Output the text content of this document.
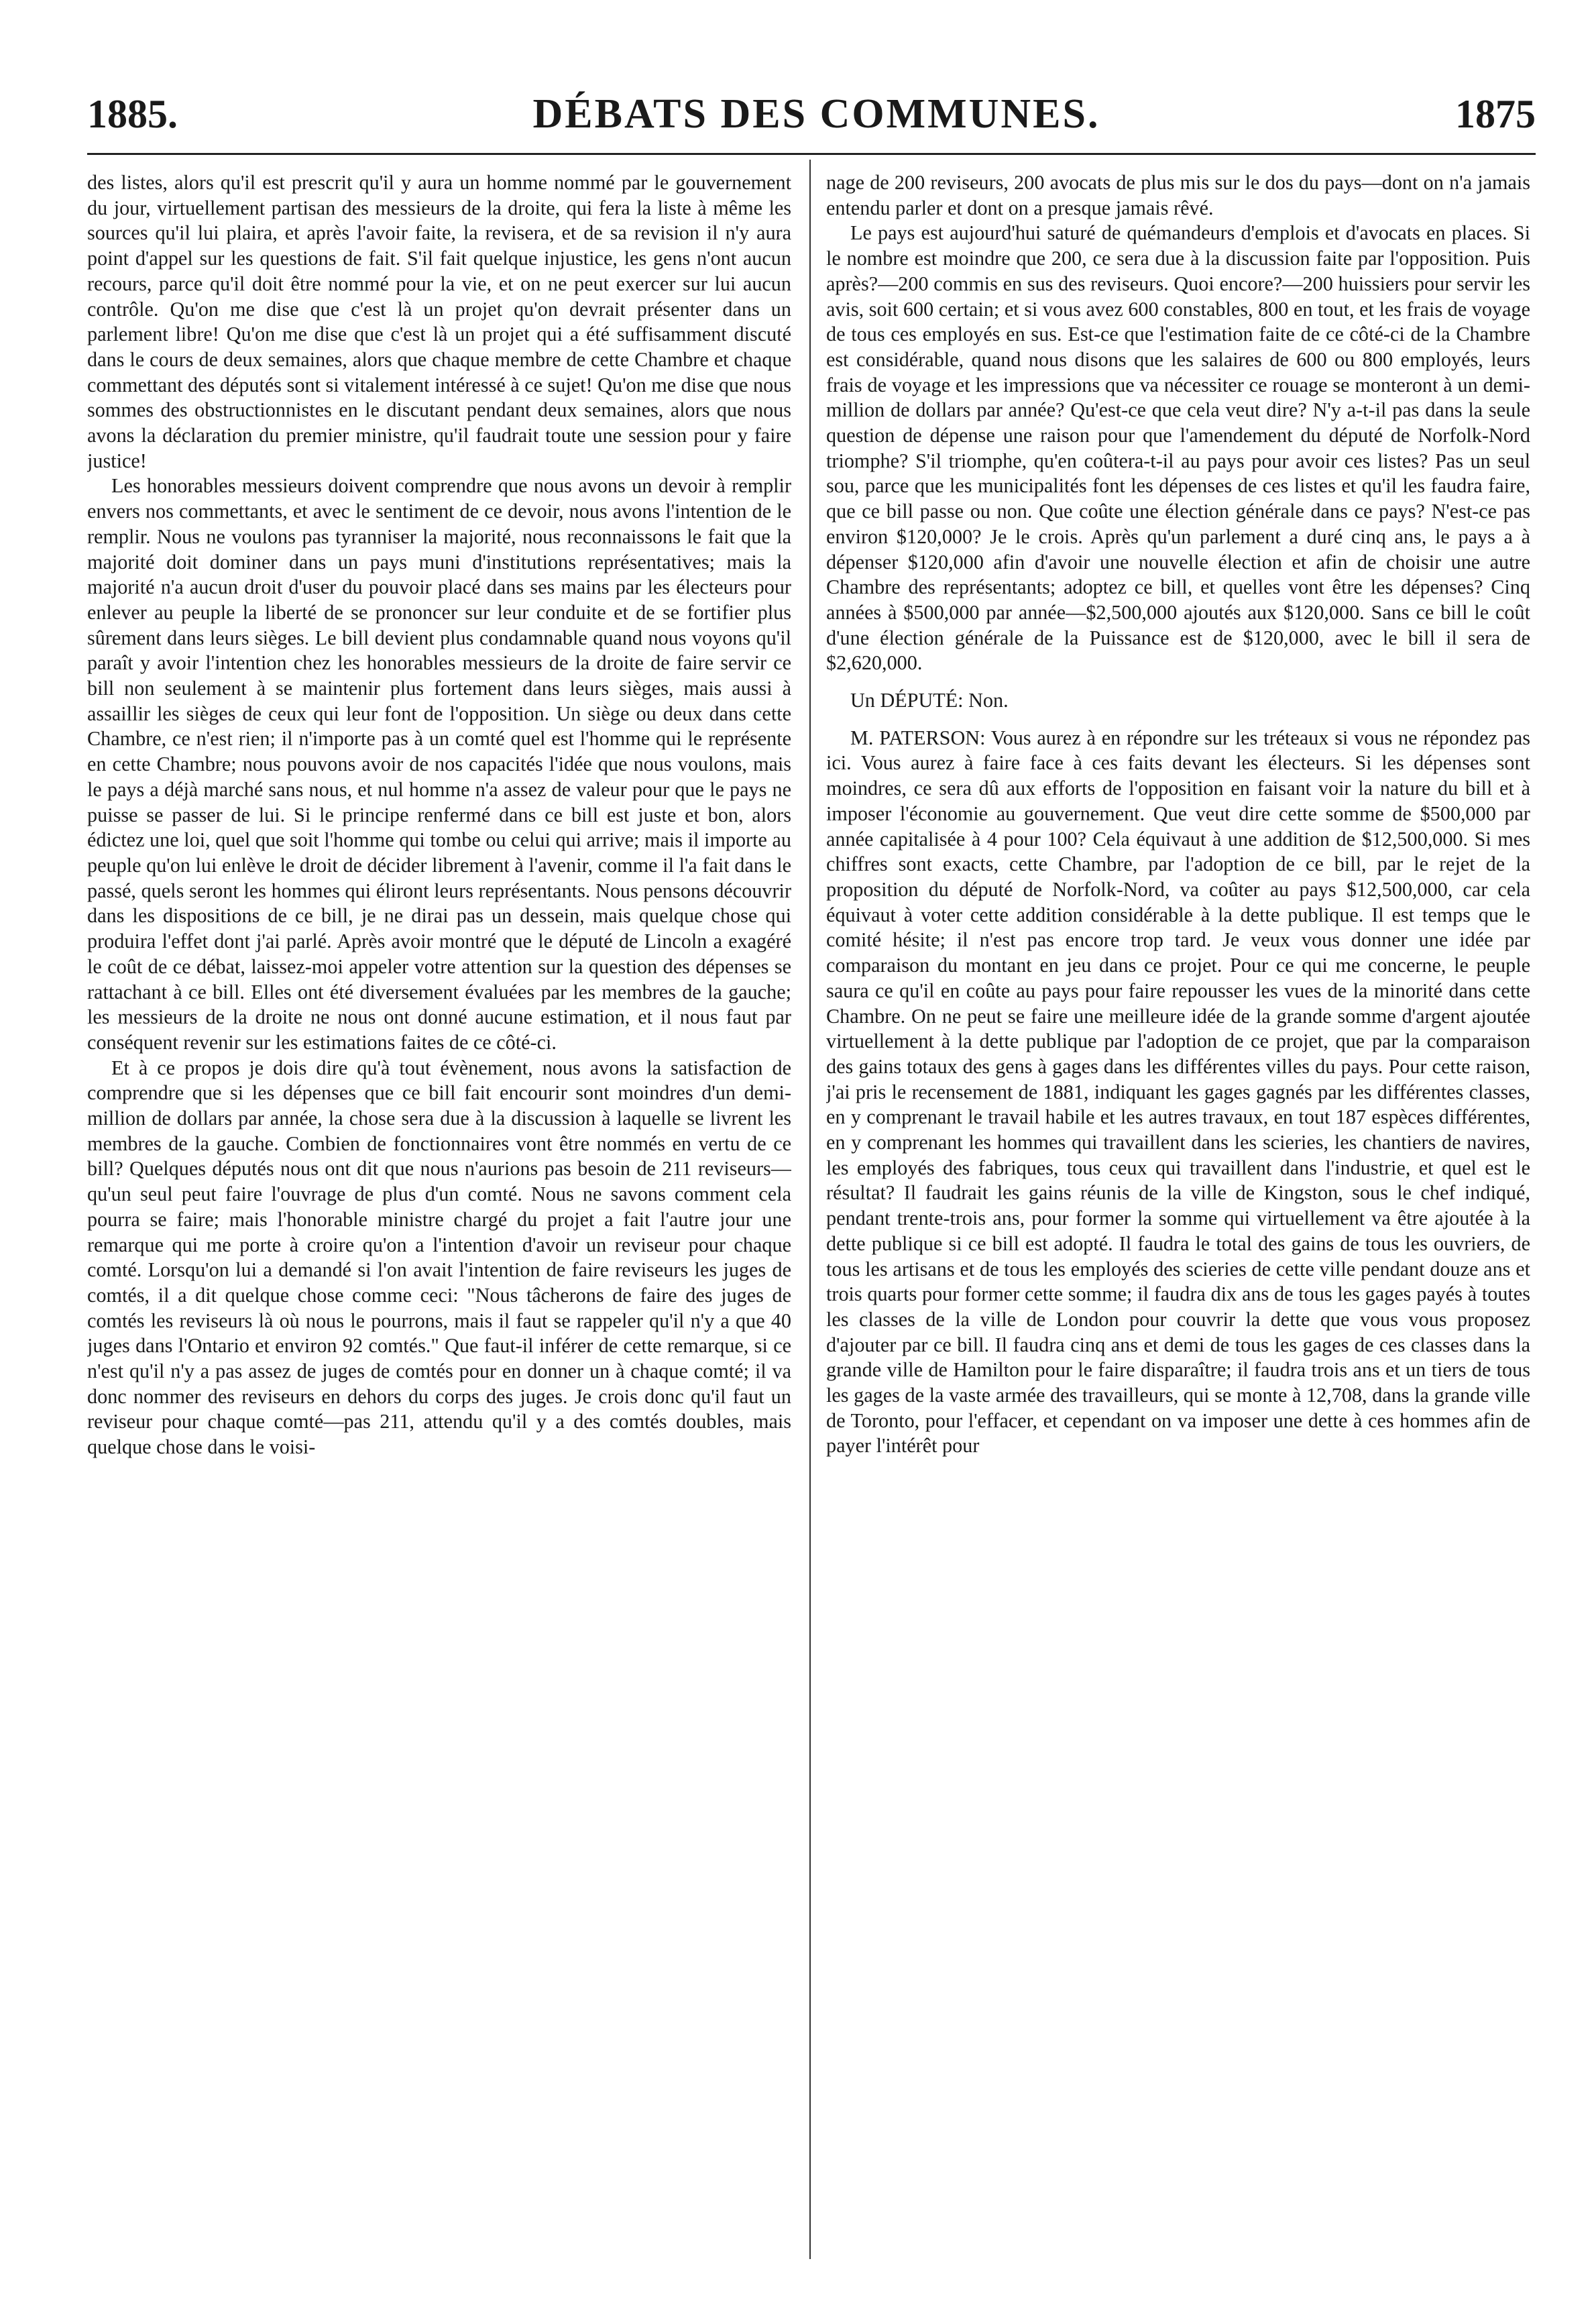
1885.	DÉBATS DES COMMUNES.	1875

des listes, alors qu'il est prescrit qu'il y aura un homme nommé par le gouvernement du jour, virtuellement partisan des messieurs de la droite, qui fera la liste à même les sources qu'il lui plaira, et après l'avoir faite, la revisera, et de sa revision il n'y aura point d'appel sur les questions de fait. S'il fait quelque injustice, les gens n'ont aucun recours, parce qu'il doit être nommé pour la vie, et on ne peut exercer sur lui aucun contrôle. Qu'on me dise que c'est là un projet qu'on devrait présenter dans un parlement libre! Qu'on me dise que c'est là un projet qui a été suffisamment discuté dans le cours de deux semaines, alors que chaque membre de cette Chambre et chaque commettant des députés sont si vitalement intéressé à ce sujet! Qu'on me dise que nous sommes des obstructionnistes en le discutant pendant deux semaines, alors que nous avons la déclaration du premier ministre, qu'il faudrait toute une session pour y faire justice!

Les honorables messieurs doivent comprendre que nous avons un devoir à remplir envers nos commettants, et avec le sentiment de ce devoir, nous avons l'intention de le remplir. Nous ne voulons pas tyranniser la majorité, nous reconnaissons le fait que la majorité doit dominer dans un pays muni d'institutions représentatives; mais la majorité n'a aucun droit d'user du pouvoir placé dans ses mains par les électeurs pour enlever au peuple la liberté de se prononcer sur leur conduite et de se fortifier plus sûrement dans leurs sièges. Le bill devient plus condamnable quand nous voyons qu'il paraît y avoir l'intention chez les honorables messieurs de la droite de faire servir ce bill non seulement à se maintenir plus fortement dans leurs sièges, mais aussi à assaillir les sièges de ceux qui leur font de l'opposition. Un siège ou deux dans cette Chambre, ce n'est rien; il n'importe pas à un comté quel est l'homme qui le représente en cette Chambre; nous pouvons avoir de nos capacités l'idée que nous voulons, mais le pays a déjà marché sans nous, et nul homme n'a assez de valeur pour que le pays ne puisse se passer de lui. Si le principe renfermé dans ce bill est juste et bon, alors édictez une loi, quel que soit l'homme qui tombe ou celui qui arrive; mais il importe au peuple qu'on lui enlève le droit de décider librement à l'avenir, comme il l'a fait dans le passé, quels seront les hommes qui éliront leurs représentants. Nous pensons découvrir dans les dispositions de ce bill, je ne dirai pas un dessein, mais quelque chose qui produira l'effet dont j'ai parlé. Après avoir montré que le député de Lincoln a exagéré le coût de ce débat, laissez-moi appeler votre attention sur la question des dépenses se rattachant à ce bill. Elles ont été diversement évaluées par les membres de la gauche; les messieurs de la droite ne nous ont donné aucune estimation, et il nous faut par conséquent revenir sur les estimations faites de ce côté-ci.

Et à ce propos je dois dire qu'à tout évènement, nous avons la satisfaction de comprendre que si les dépenses que ce bill fait encourir sont moindres d'un demi-million de dollars par année, la chose sera due à la discussion à laquelle se livrent les membres de la gauche. Combien de fonctionnaires vont être nommés en vertu de ce bill? Quelques députés nous ont dit que nous n'aurions pas besoin de 211 reviseurs—qu'un seul peut faire l'ouvrage de plus d'un comté. Nous ne savons comment cela pourra se faire; mais l'honorable ministre chargé du projet a fait l'autre jour une remarque qui me porte à croire qu'on a l'intention d'avoir un reviseur pour chaque comté. Lorsqu'on lui a demandé si l'on avait l'intention de faire reviseurs les juges de comtés, il a dit quelque chose comme ceci: "Nous tâcherons de faire des juges de comtés les reviseurs là où nous le pourrons, mais il faut se rappeler qu'il n'y a que 40 juges dans l'Ontario et environ 92 comtés." Que faut-il inférer de cette remarque, si ce n'est qu'il n'y a pas assez de juges de comtés pour en donner un à chaque comté; il va donc nommer des reviseurs en dehors du corps des juges. Je crois donc qu'il faut un reviseur pour chaque comté—pas 211, attendu qu'il y a des comtés doubles, mais quelque chose dans le voisi-

nage de 200 reviseurs, 200 avocats de plus mis sur le dos du pays—dont on n'a jamais entendu parler et dont on a presque jamais rêvé.

Le pays est aujourd'hui saturé de quémandeurs d'emplois et d'avocats en places. Si le nombre est moindre que 200, ce sera due à la discussion faite par l'opposition. Puis après?—200 commis en sus des reviseurs. Quoi encore?—200 huissiers pour servir les avis, soit 600 certain; et si vous avez 600 constables, 800 en tout, et les frais de voyage de tous ces employés en sus. Est-ce que l'estimation faite de ce côté-ci de la Chambre est considérable, quand nous disons que les salaires de 600 ou 800 employés, leurs frais de voyage et les impressions que va nécessiter ce rouage se monteront à un demi-million de dollars par année? Qu'est-ce que cela veut dire? N'y a-t-il pas dans la seule question de dépense une raison pour que l'amendement du député de Norfolk-Nord triomphe? S'il triomphe, qu'en coûtera-t-il au pays pour avoir ces listes? Pas un seul sou, parce que les municipalités font les dépenses de ces listes et qu'il les faudra faire, que ce bill passe ou non. Que coûte une élection générale dans ce pays? N'est-ce pas environ $120,000? Je le crois. Après qu'un parlement a duré cinq ans, le pays a à dépenser $120,000 afin d'avoir une nouvelle élection et afin de choisir une autre Chambre des représentants; adoptez ce bill, et quelles vont être les dépenses? Cinq années à $500,000 par année—$2,500,000 ajoutés aux $120,000. Sans ce bill le coût d'une élection générale de la Puissance est de $120,000, avec le bill il sera de $2,620,000.

Un DÉPUTÉ: Non.

M. PATERSON: Vous aurez à en répondre sur les tréteaux si vous ne répondez pas ici. Vous aurez à faire face à ces faits devant les électeurs. Si les dépenses sont moindres, ce sera dû aux efforts de l'opposition en faisant voir la nature du bill et à imposer l'économie au gouvernement. Que veut dire cette somme de $500,000 par année capitalisée à 4 pour 100? Cela équivaut à une addition de $12,500,000. Si mes chiffres sont exacts, cette Chambre, par l'adoption de ce bill, par le rejet de la proposition du député de Norfolk-Nord, va coûter au pays $12,500,000, car cela équivaut à voter cette addition considérable à la dette publique. Il est temps que le comité hésite; il n'est pas encore trop tard. Je veux vous donner une idée par comparaison du montant en jeu dans ce projet. Pour ce qui me concerne, le peuple saura ce qu'il en coûte au pays pour faire repousser les vues de la minorité dans cette Chambre. On ne peut se faire une meilleure idée de la grande somme d'argent ajoutée virtuellement à la dette publique par l'adoption de ce projet, que par la comparaison des gains totaux des gens à gages dans les différentes villes du pays. Pour cette raison, j'ai pris le recensement de 1881, indiquant les gages gagnés par les différentes classes, en y comprenant le travail habile et les autres travaux, en tout 187 espèces différentes, en y comprenant les hommes qui travaillent dans les scieries, les chantiers de navires, les employés des fabriques, tous ceux qui travaillent dans l'industrie, et quel est le résultat? Il faudrait les gains réunis de la ville de Kingston, sous le chef indiqué, pendant trente-trois ans, pour former la somme qui virtuellement va être ajoutée à la dette publique si ce bill est adopté. Il faudra le total des gains de tous les ouvriers, de tous les artisans et de tous les employés des scieries de cette ville pendant douze ans et trois quarts pour former cette somme; il faudra dix ans de tous les gages payés à toutes les classes de la ville de London pour couvrir la dette que vous vous proposez d'ajouter par ce bill. Il faudra cinq ans et demi de tous les gages de ces classes dans la grande ville de Hamilton pour le faire disparaître; il faudra trois ans et un tiers de tous les gages de la vaste armée des travailleurs, qui se monte à 12,708, dans la grande ville de Toronto, pour l'effacer, et cependant on va imposer une dette à ces hommes afin de payer l'intérêt pour
